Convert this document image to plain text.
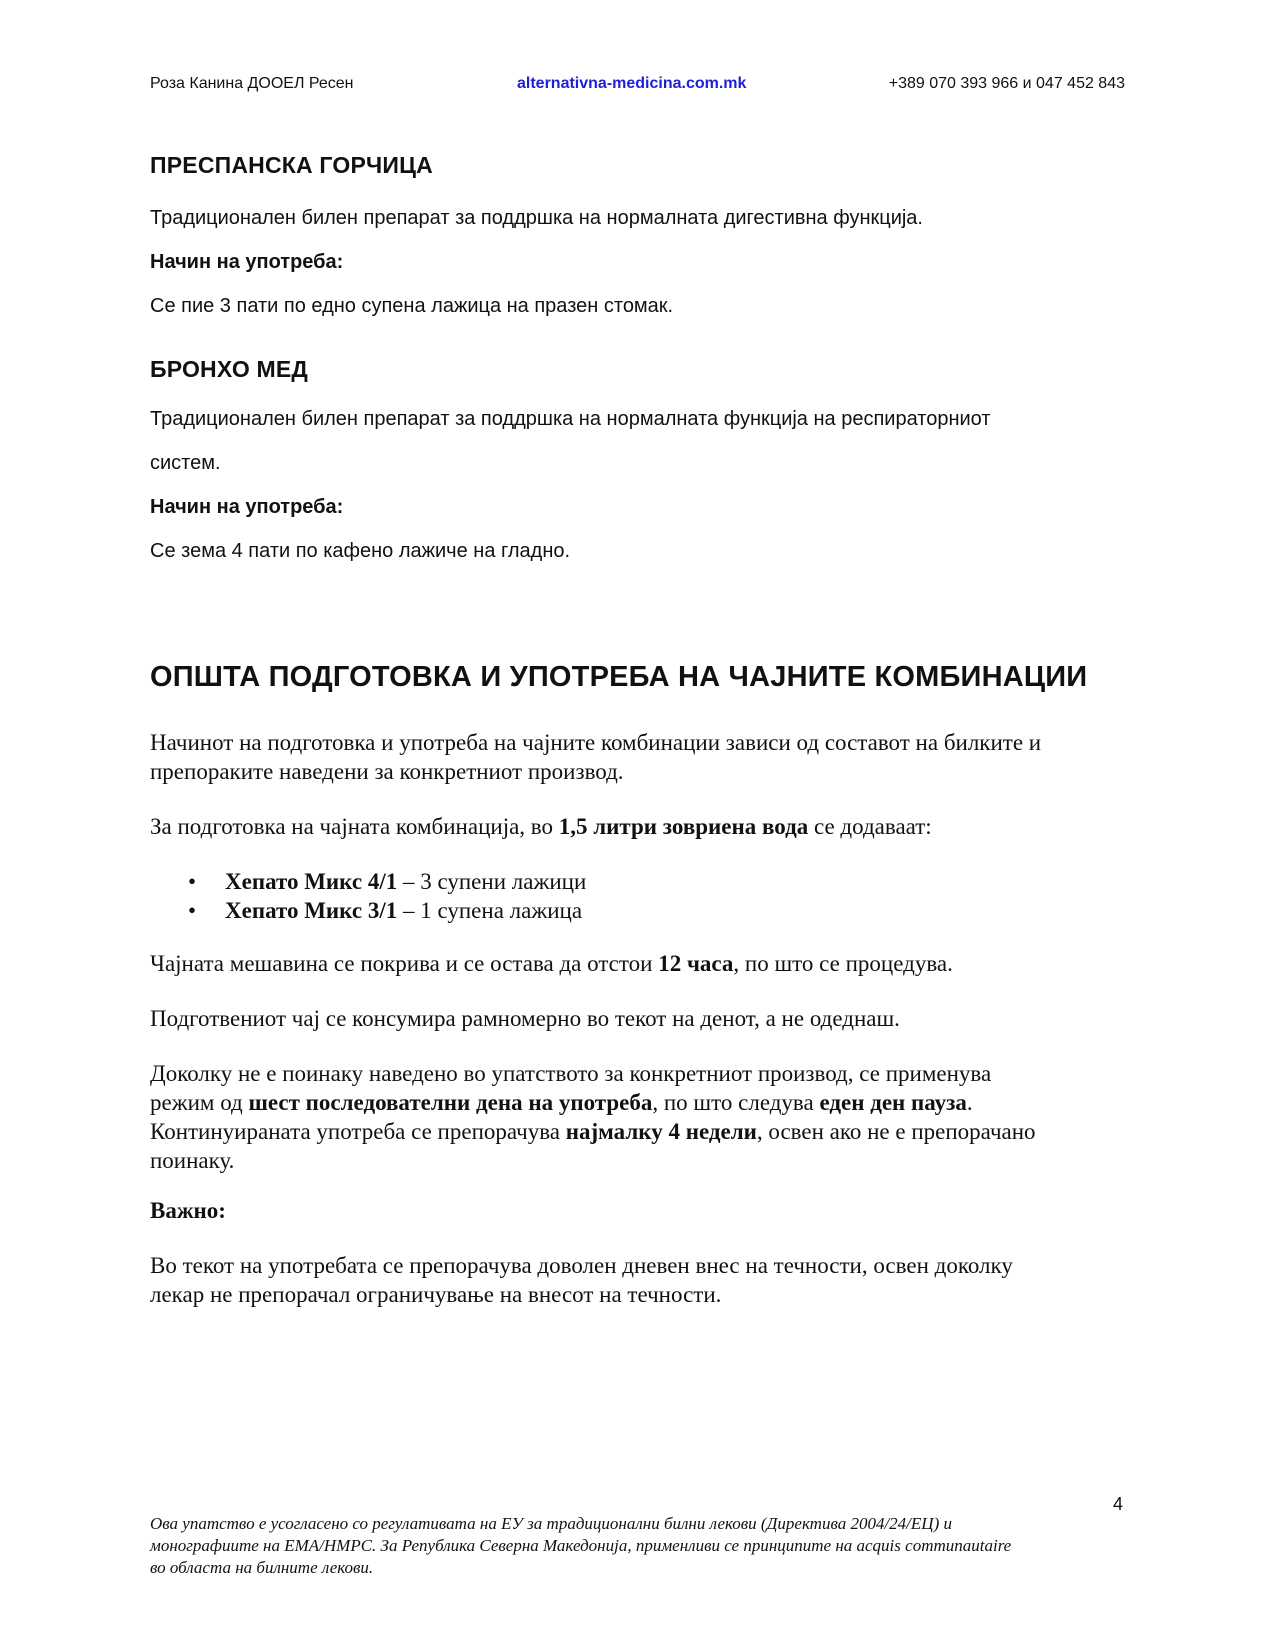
Роза Канина ДООЕЛ Ресен	alternativna-medicina.com.mk	+389 070 393 966 и 047 452 843
ПРЕСПАНСКА ГОРЧИЦА

Традиционален билен препарат за поддршка на нормалната дигестивна функција.

Начин на употреба:

Се пие 3 пати по едно супена лажица на празен стомак.

БРОНХО МЕД

Традиционален билен препарат за поддршка на нормалната функција на респираторниот

систем.

Начин на употреба:

Се зема 4 пати по кафено лажиче на гладно.

ОПШТА ПОДГОТОВКА И УПОТРЕБА НА ЧАЈНИТЕ КОМБИНАЦИИ

Начинот на подготовка и употреба на чајните комбинации зависи од составот на билките и

препораките наведени за конкретниот производ.

За подготовка на чајната комбинација, во 1,5 литри зовриена вода се додаваат:

• Хепато Микс 4/1 – 3 супени лажици
• Хепато Микс 3/1 – 1 супена лажица

Чајната мешавина се покрива и се остава да отстои 12 часа, по што се процедува.

Подготвениот чај се консумира рамномерно во текот на денот, а не одеднаш.

Доколку не е поинаку наведено во упатството за конкретниот производ, се применува

режим од шест последователни дена на употреба, по што следува еден ден пауза.

Континуираната употреба се препорачува најмалку 4 недели, освен ако не е препорачано

поинаку.

Важно:

Во текот на употребата се препорачува доволен дневен внес на течности, освен доколку

лекар не препорачал ограничување на внесот на течности.

4
Ова упатство е усогласено со регулативата на ЕУ за традиционални билни лекови (Директива 2004/24/ЕЦ) и
монографиите на ЕМА/HMPC. За Република Северна Македонија, применливи се принципите на acquis communautaire
во областа на билните лекови.
